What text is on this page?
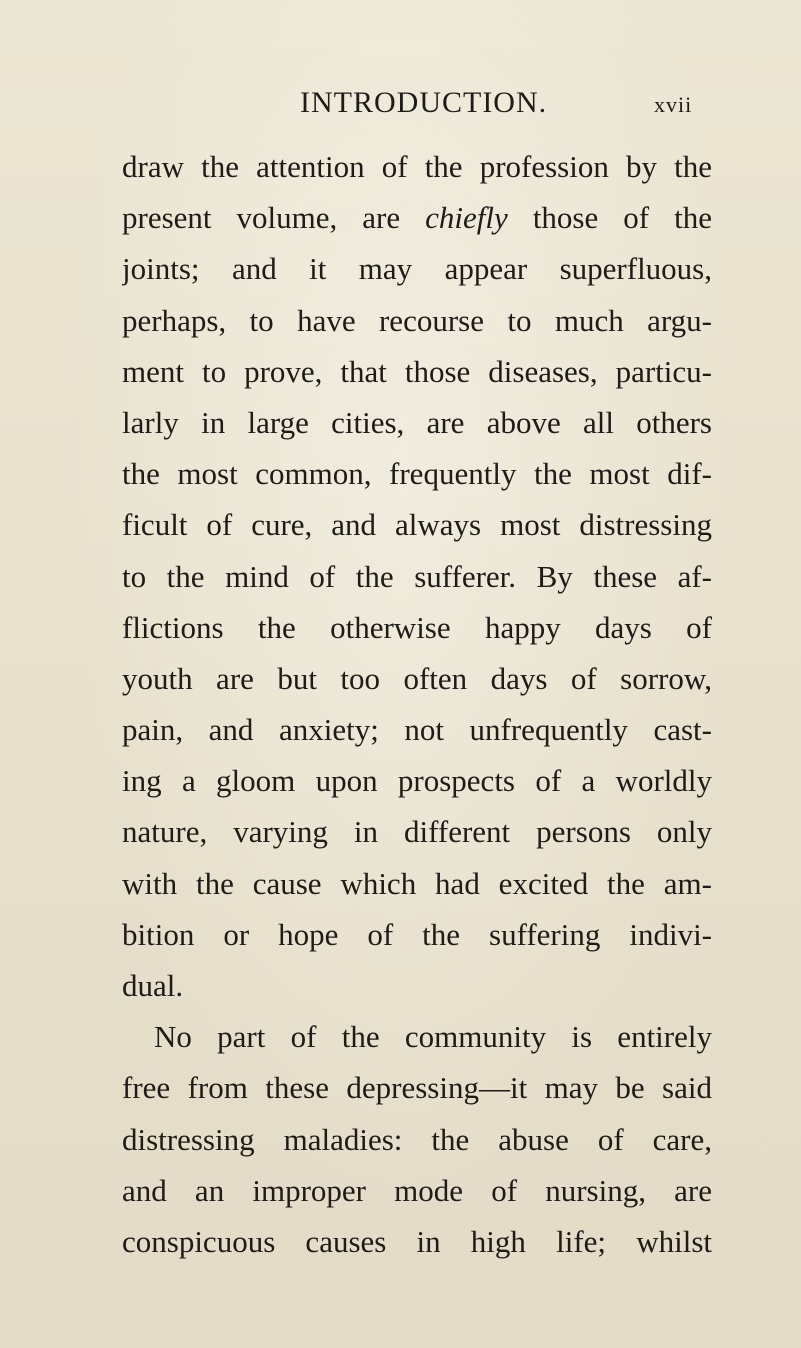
INTRODUCTION.	xvii
draw the attention of the profession by the
present volume, are chiefly those of the
joints; and it may appear superfluous,
perhaps, to have recourse to much argu-
ment to prove, that those diseases, particu-
larly in large cities, are above all others
the most common, frequently the most dif-
ficult of cure, and always most distressing
to the mind of the sufferer. By these af-
flictions the otherwise happy days of
youth are but too often days of sorrow,
pain, and anxiety; not unfrequently cast-
ing a gloom upon prospects of a worldly
nature, varying in different persons only
with the cause which had excited the am-
bition or hope of the suffering indivi-
dual.
No part of the community is entirely
free from these depressing—it may be said
distressing maladies: the abuse of care,
and an improper mode of nursing, are
conspicuous causes in high life; whilst
